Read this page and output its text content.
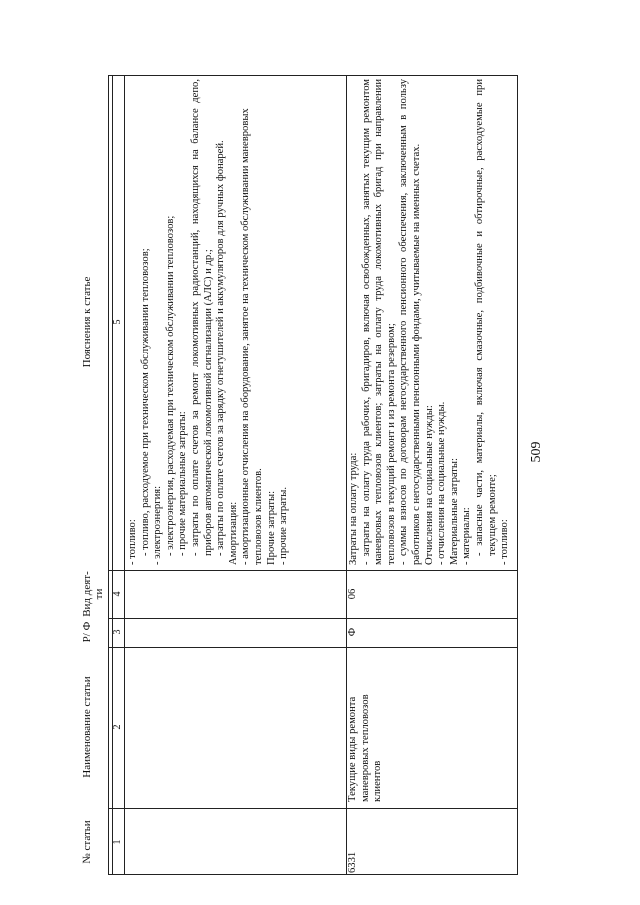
509
№ статьи
Наименование статьи
Р/ Ф
Вид деят-ти
Пояснения к статье
1
2
3
4
5

- топливо: - топливо, расходуемое при техническом обслуживании тепловозов; - электроэнергия: - электроэнергия, расходуемая при техническом обслуживании тепловозов; - прочие материальные затраты: - затраты по оплате счетов за ремонт локомотивных радиостанций, находящихся на балансе депо, приборов автоматической локомотивной сигнализации (АЛС) и др.; - затраты по оплате счетов за зарядку огнетушителей и аккумуляторов для ручных фонарей. Амортизация: - амортизационные отчисления на оборудование, занятое на техническом обслуживании маневровых тепловозов клиентов. Прочие затраты: - прочие затраты.

6331
Текущие виды ремонта маневровых тепловозов клиентов
Ф
06

Затраты на оплату труда: - затраты на оплату труда рабочих, бригадиров, включая освобожденных, занятых текущим ремонтом маневровых тепловозов клиентов; затраты на оплату труда локомотивных бригад при направлении тепловозов в текущий ремонт и из ремонта резервом; - суммы взносов по договорам негосударственного пенсионного обеспечения, заключенным в пользу работников с негосударственными пенсионными фондами, учитываемые на именных счетах. Отчисления на социальные нужды: - отчисления на социальные нужды. Материальные затраты: - материалы: - запасные части, материалы, включая смазочные, подбивочные и обтирочные, расходуемые при текущем ремонте; - топливо:
